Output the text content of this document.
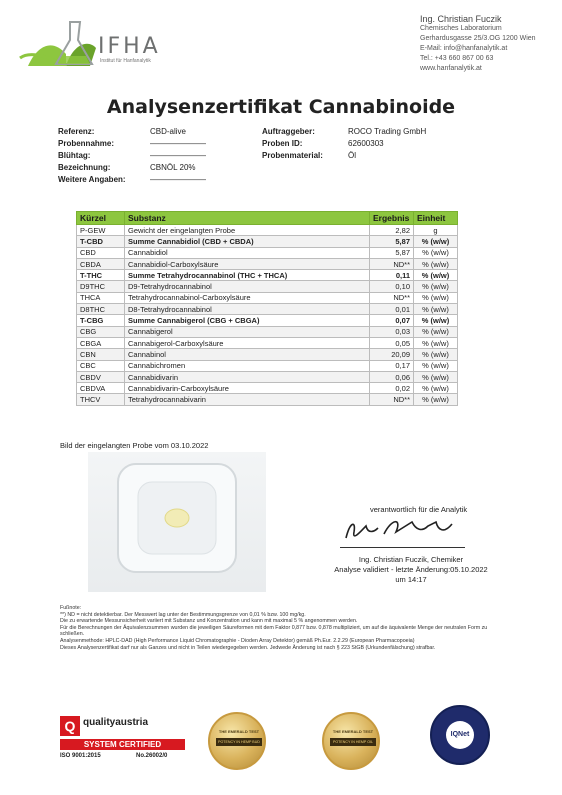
IFHA
Institut für Hanfanalytik
Ing. Christian Fuczik
Chemisches Laboratorium
Gerhardusgasse 25/3.OG 1200 Wien
E-Mail: info@hanfanalytik.at
Tel.: +43 660 867 00 63
www.hanfanalytik.at
Analysenzertifikat Cannabinoide
Referenz:	CBD-alive
Probennahme:	———————
Blühtag:	———————
Bezeichnung:	CBNÖL 20%
Weitere Angaben:	———————
Auftraggeber:	ROCO Trading GmbH
Proben ID:	62600303
Probenmaterial:	Öl
Kürzel	Substanz	Ergebnis	Einheit
P-GEW	Gewicht der eingelangten Probe	2,82	g
T-CBD	Summe Cannabidiol (CBD + CBDA)	5,87	% (w/w)
CBD	Cannabidiol	5,87	% (w/w)
CBDA	Cannabidiol-Carboxylsäure	ND**	% (w/w)
T-THC	Summe Tetrahydrocannabinol (THC + THCA)	0,11	% (w/w)
D9THC	D9-Tetrahydrocannabinol	0,10	% (w/w)
THCA	Tetrahydrocannabinol-Carboxylsäure	ND**	% (w/w)
D8THC	D8-Tetrahydrocannabinol	0,01	% (w/w)
T-CBG	Summe Cannabigerol (CBG + CBGA)	0,07	% (w/w)
CBG	Cannabigerol	0,03	% (w/w)
CBGA	Cannabigerol-Carboxylsäure	0,05	% (w/w)
CBN	Cannabinol	20,09	% (w/w)
CBC	Cannabichromen	0,17	% (w/w)
CBDV	Cannabidivarin	0,06	% (w/w)
CBDVA	Cannabidivarin-Carboxylsäure	0,02	% (w/w)
THCV	Tetrahydrocannabivarin	ND**	% (w/w)
Bild der eingelangten Probe vom 03.10.2022
verantwortlich für die Analytik
Ing. Christian Fuczik, Chemiker
Analyse validiert - letzte Änderung:05.10.2022
um 14:17
Fußnote:
**) ND = nicht detektierbar. Der Messwert lag unter der Bestimmungsgrenze von 0,01 % bzw. 100 mg/kg.
Die zu erwartende Messunsicherheit variiert mit Substanz und Konzentration und kann mit maximal 5 % angenommen werden.
Für die Berechnungen der Äquivalenzsummen wurden die jeweiligen Säureformen mit dem Faktor 0,877 bzw. 0,878 multipliziert, um auf die äquivalente Menge der neutralen Form zu schließen.
Analysenmethode: HPLC-DAD (High Performance Liquid Chromatographie - Dioden Array Detektor) gemäß Ph.Eur. 2.2.29 (European Pharmacopoeia)
Dieses Analysenzertifikat darf nur als Ganzes und nicht in Teilen wiedergegeben werden. Jedwede Änderung ist nach § 223 StGB (Urkundenfälschung) strafbar.
Q qualityaustria
SYSTEM CERTIFIED
ISO 9001:2015	No.26002/0
THE EMERALD TEST
POTENCY IN HEMP BUD
THE EMERALD TEST
POTENCY IN HEMP OIL
IQNet
